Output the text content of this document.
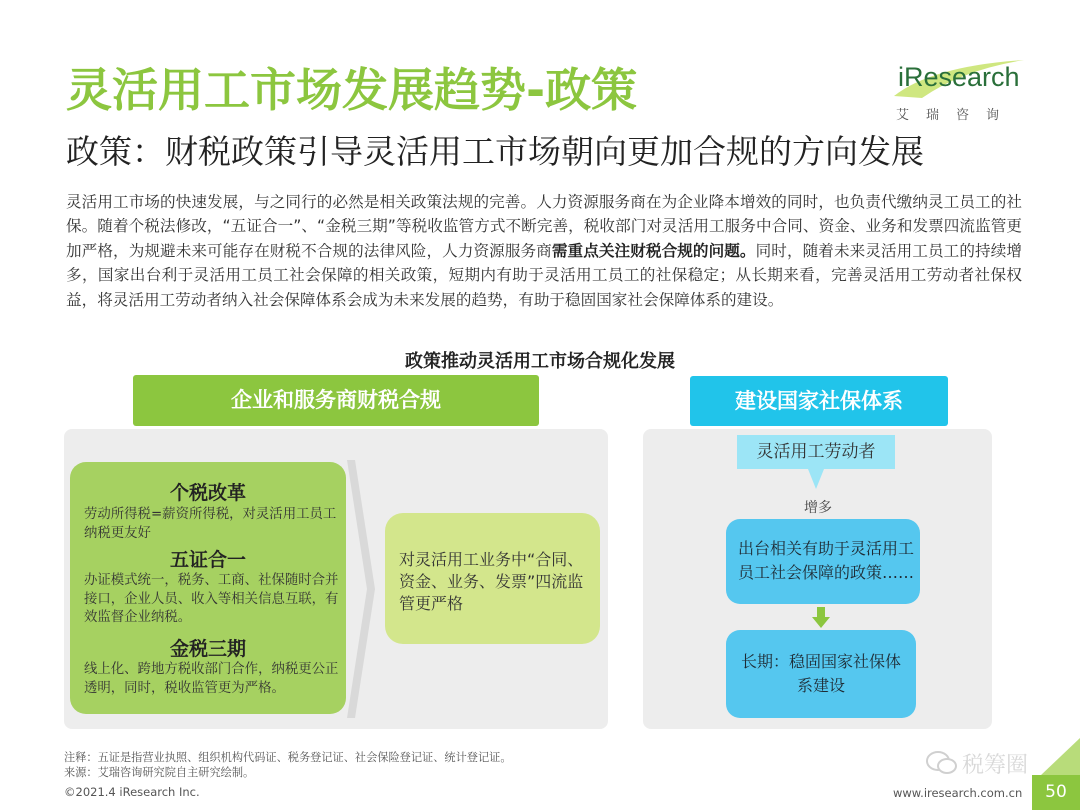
灵活用工市场发展趋势-政策
政策：财税政策引导灵活用工市场朝向更加合规的方向发展
iResearch
艾瑞咨询
灵活用工市场的快速发展，与之同行的必然是相关政策法规的完善。人力资源服务商在为企业降本增效的同时，也负责代缴纳灵工员工的社保。随着个税法修改，“五证合一”、“金税三期”等税收监管方式不断完善，税收部门对灵活用工服务中合同、资金、业务和发票四流监管更加严格，为规避未来可能存在财税不合规的法律风险，人力资源服务商需重点关注财税合规的问题。同时，随着未来灵活用工员工的持续增多，国家出台利于灵活用工员工社会保障的相关政策，短期内有助于灵活用工员工的社保稳定；从长期来看，完善灵活用工劳动者社保权益，将灵活用工劳动者纳入社会保障体系会成为未来发展的趋势，有助于稳固国家社会保障体系的建设。
政策推动灵活用工市场合规化发展
企业和服务商财税合规	建设国家社保体系
个税改革
劳动所得税=薪资所得税，对灵活用工员工纳税更友好
五证合一
办证模式统一，税务、工商、社保随时合并接口，企业人员、收入等相关信息互联，有效监督企业纳税。
金税三期
线上化、跨地方税收部门合作，纳税更公正透明，同时，税收监管更为严格。
对灵活用工业务中“合同、资金、业务、发票”四流监管更严格
灵活用工劳动者
增多
出台相关有助于灵活用工员工社会保障的政策……
长期：稳固国家社保体系建设
注释：五证是指营业执照、组织机构代码证、税务登记证、社会保险登记证、统计登记证。
来源：艾瑞咨询研究院自主研究绘制。
©2021.4 iResearch Inc.	www.iresearch.com.cn
税筹圈
50
